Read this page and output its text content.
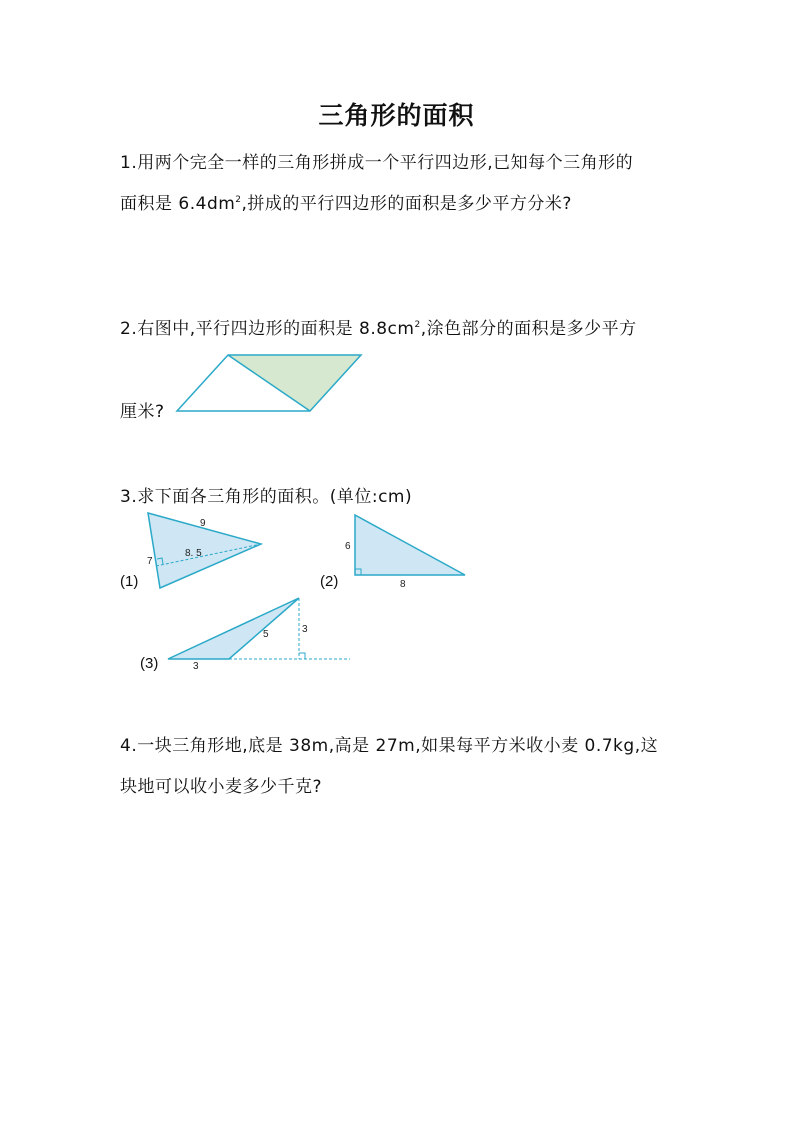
三角形的面积

1.用两个完全一样的三角形拼成一个平行四边形,已知每个三角形的

面积是 $6.4dm^2$,拼成的平行四边形的面积是多少平方分米?

2.右图中,平行四边形的面积是 $8.8cm^2$,涂色部分的面积是多少平方

厘米?

3.求下面各三角形的面积。(单位:cm)

(1)	(2)

(3)

9
7
8. 5
6
8
5	3
3

4.一块三角形地,底是 38m,高是 27m,如果每平方米收小麦 0.7kg,这

块地可以收小麦多少千克?
